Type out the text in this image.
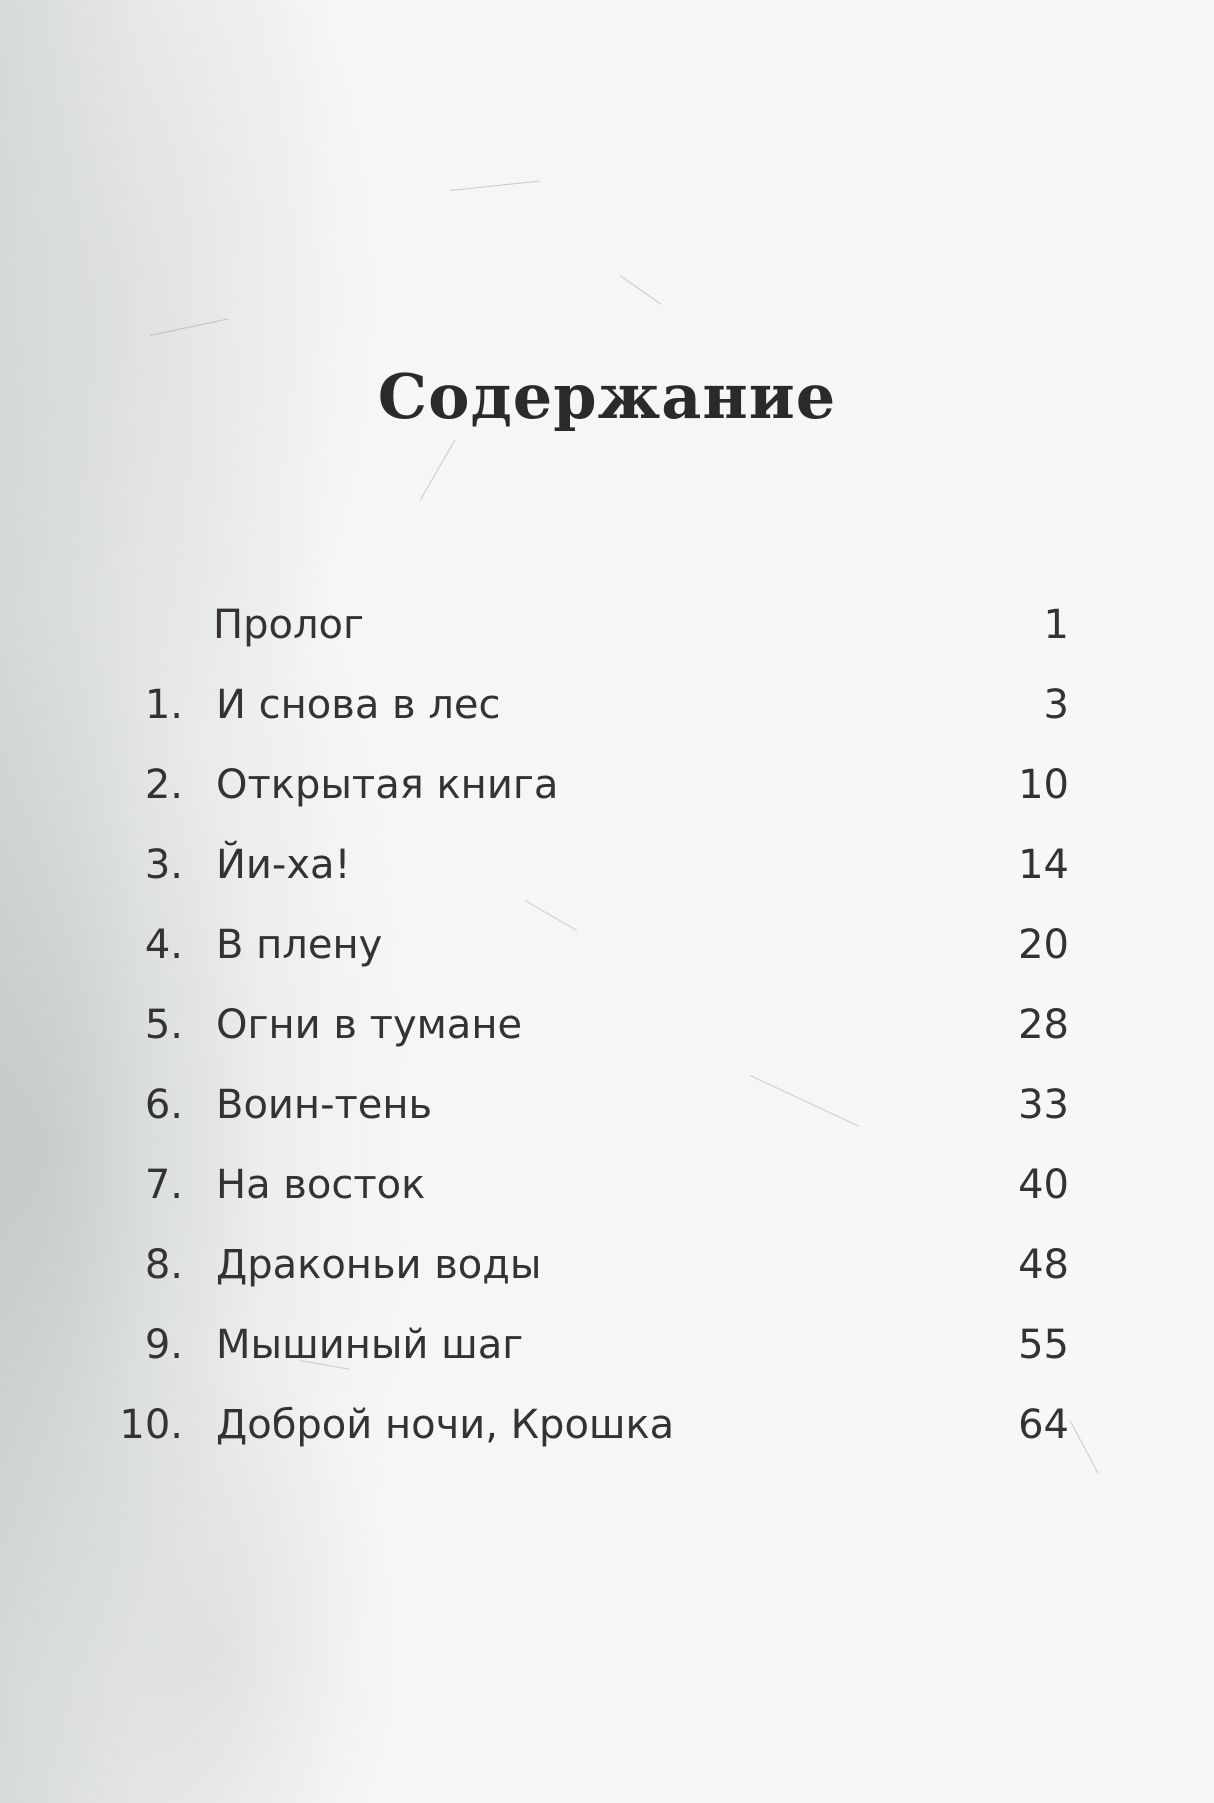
Содержание
Пролог	1
1. И снова в лес	3
2. Открытая книга	10
3. Йи-ха!	14
4. В плену	20
5. Огни в тумане	28
6. Воин-тень	33
7. На восток	40
8. Драконьи воды	48
9. Мышиный шаг	55
10. Доброй ночи, Крошка	64
